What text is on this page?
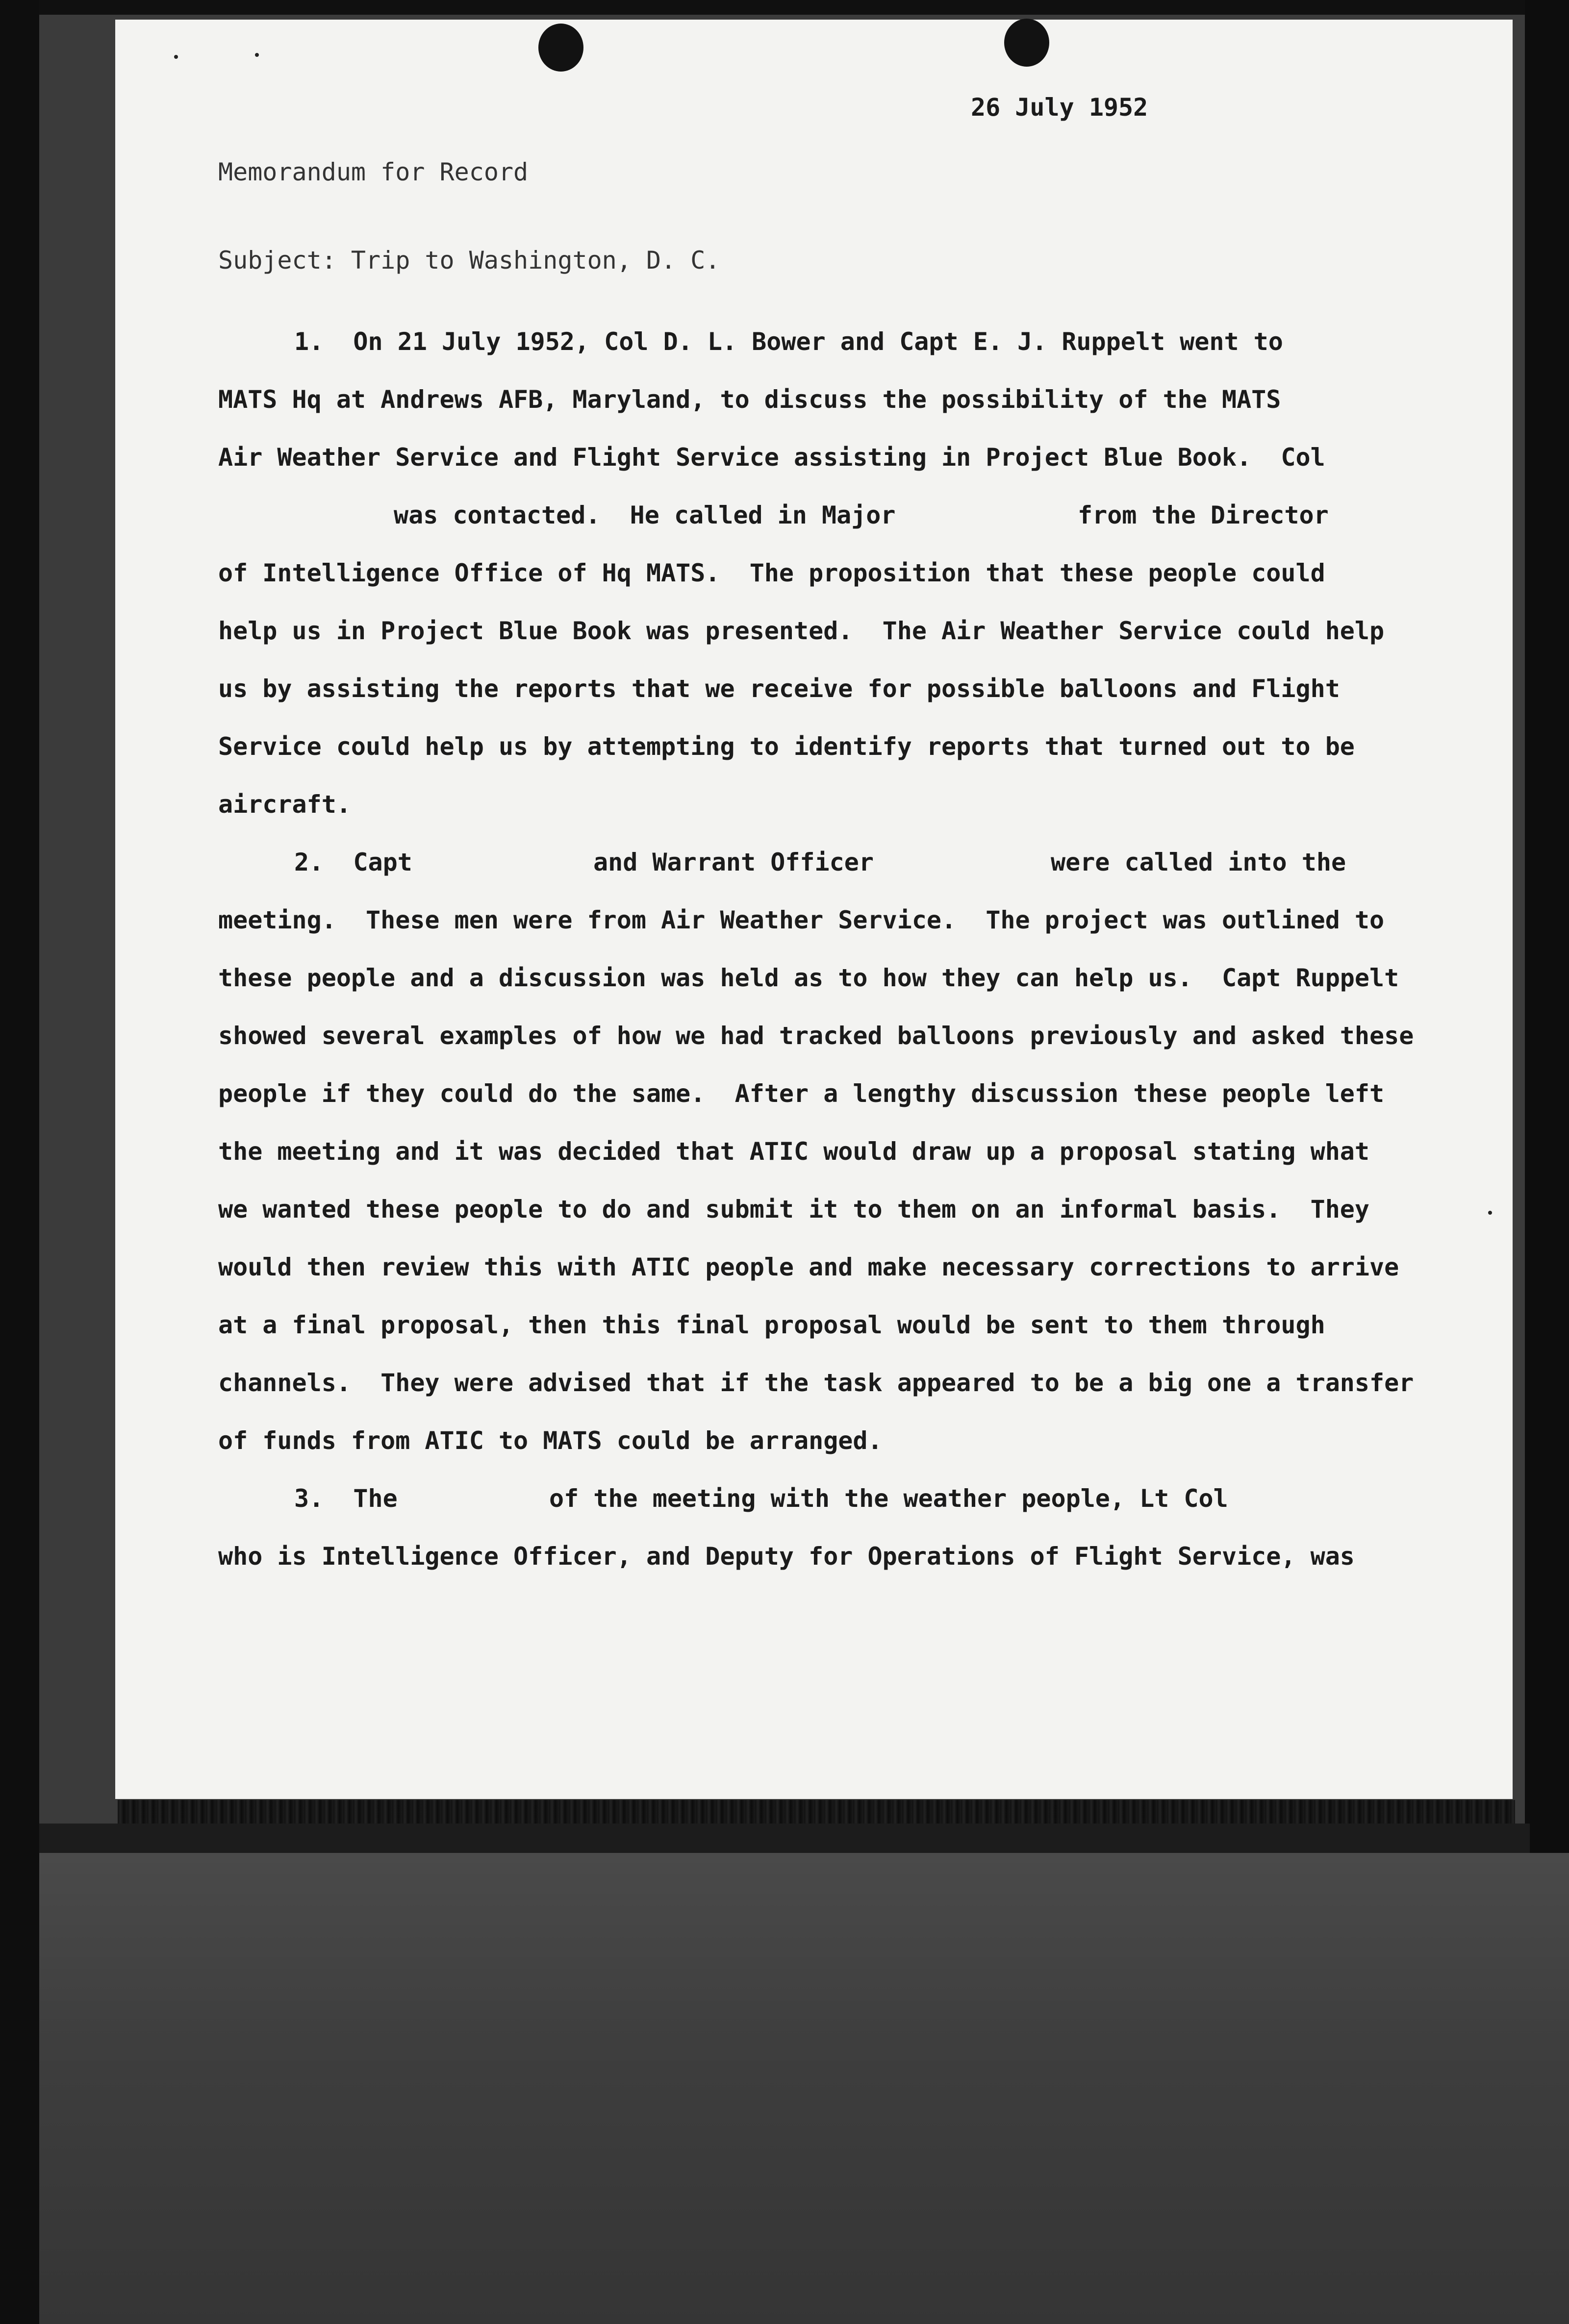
26 July 1952
Memorandum for Record
Subject: Trip to Washington, D. C.
1.  On 21 July 1952, Col D. L. Bower and Capt E. J. Ruppelt went to
MATS Hq at Andrews AFB, Maryland, to discuss the possibility of the MATS
Air Weather Service and Flight Service assisting in Project Blue Book.  Col
was contacted.  He called in Major	from the Director
of Intelligence Office of Hq MATS.  The proposition that these people could
help us in Project Blue Book was presented.  The Air Weather Service could help
us by assisting the reports that we receive for possible balloons and Flight
Service could help us by attempting to identify reports that turned out to be
aircraft.
2.  Capt	and Warrant Officer	were called into the
meeting.  These men were from Air Weather Service.  The project was outlined to
these people and a discussion was held as to how they can help us.  Capt Ruppelt
showed several examples of how we had tracked balloons previously and asked these
people if they could do the same.  After a lengthy discussion these people left
the meeting and it was decided that ATIC would draw up a proposal stating what
we wanted these people to do and submit it to them on an informal basis.  They
would then review this with ATIC people and make necessary corrections to arrive
at a final proposal, then this final proposal would be sent to them through
channels.  They were advised that if the task appeared to be a big one a transfer
of funds from ATIC to MATS could be arranged.
3.  The	of the meeting with the weather people, Lt Col
who is Intelligence Officer, and Deputy for Operations of Flight Service, was
